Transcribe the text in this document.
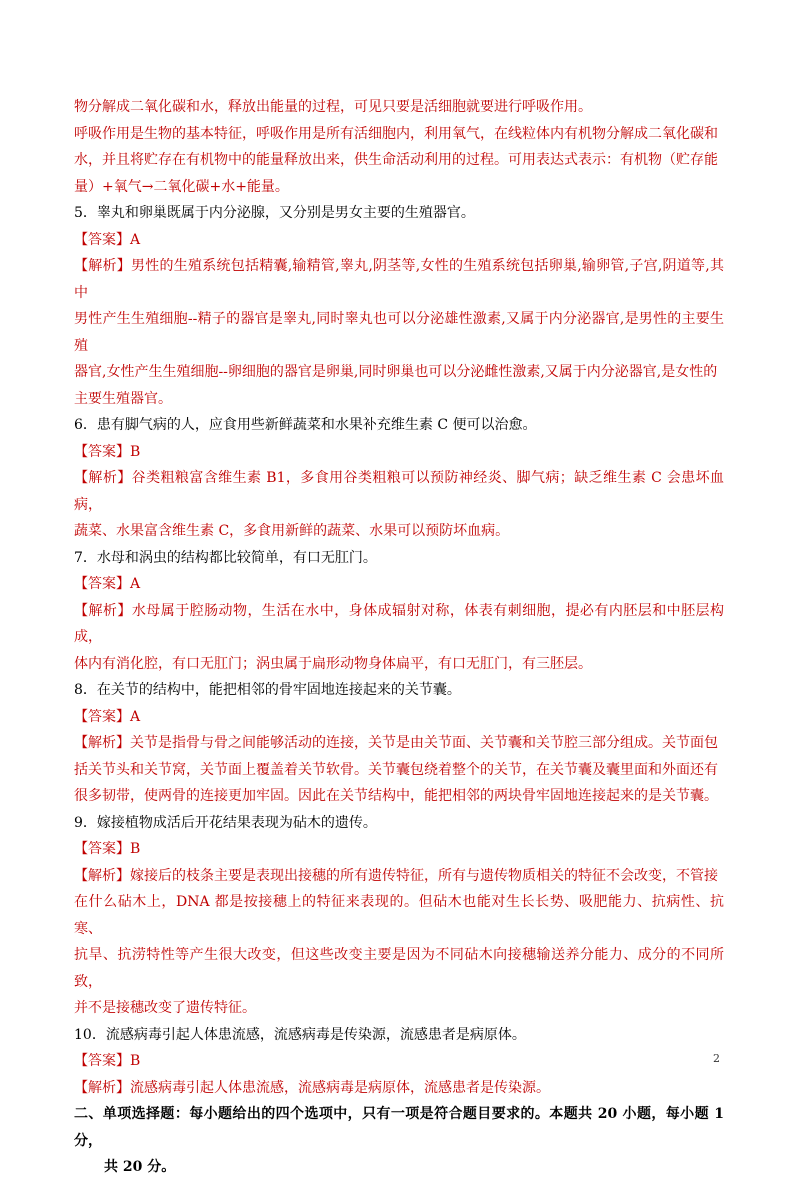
物分解成二氧化碳和水，释放出能量的过程，可见只要是活细胞就要进行呼吸作用。

呼吸作用是生物的基本特征，呼吸作用是所有活细胞内，利用氧气，在线粒体内有机物分解成二氧化碳和

水，并且将贮存在有机物中的能量释放出来，供生命活动利用的过程。可用表达式表示：有机物（贮存能

量）+氧气→二氧化碳+水+能量。

5．睾丸和卵巢既属于内分泌腺，又分别是男女主要的生殖器官。

【答案】A

【解析】男性的生殖系统包括精囊,输精管,睾丸,阴茎等,女性的生殖系统包括卵巢,输卵管,子宫,阴道等,其中

男性产生生殖细胞--精子的器官是睾丸,同时睾丸也可以分泌雄性激素,又属于内分泌器官,是男性的主要生殖

器官,女性产生生殖细胞--卵细胞的器官是卵巢,同时卵巢也可以分泌雌性激素,又属于内分泌器官,是女性的

主要生殖器官。

6．患有脚气病的人，应食用些新鲜蔬菜和水果补充维生素 C 便可以治愈。

【答案】B

【解析】谷类粗粮富含维生素 B1，多食用谷类粗粮可以预防神经炎、脚气病；缺乏维生素 C 会患坏血病，

蔬菜、水果富含维生素 C，多食用新鲜的蔬菜、水果可以预防坏血病。

7．水母和涡虫的结构都比较简单，有口无肛门。

【答案】A

【解析】水母属于腔肠动物，生活在水中，身体成辐射对称，体表有刺细胞，提必有内胚层和中胚层构成，

体内有消化腔，有口无肛门；涡虫属于扁形动物身体扁平，有口无肛门，有三胚层。

8．在关节的结构中，能把相邻的骨牢固地连接起来的关节囊。

【答案】A

【解析】关节是指骨与骨之间能够活动的连接，关节是由关节面、关节囊和关节腔三部分组成。关节面包

括关节头和关节窝，关节面上覆盖着关节软骨。关节囊包绕着整个的关节，在关节囊及囊里面和外面还有

很多韧带，使两骨的连接更加牢固。因此在关节结构中，能把相邻的两块骨牢固地连接起来的是关节囊。

9．嫁接植物成活后开花结果表现为砧木的遗传。

【答案】B

【解析】嫁接后的枝条主要是表现出接穗的所有遗传特征，所有与遗传物质相关的特征不会改变，不管接

在什么砧木上，DNA 都是按接穗上的特征来表现的。但砧木也能对生长长势、吸肥能力、抗病性、抗寒、

抗旱、抗涝特性等产生很大改变，但这些改变主要是因为不同砧木向接穗输送养分能力、成分的不同所致，

并不是接穗改变了遗传特征。

10．流感病毒引起人体患流感，流感病毒是传染源，流感患者是病原体。

【答案】B

【解析】流感病毒引起人体患流感，流感病毒是病原体，流感患者是传染源。

二、单项选择题：每小题给出的四个选项中，只有一项是符合题目要求的。本题共 20 小题，每小题 1 分，

共 20 分。

2
